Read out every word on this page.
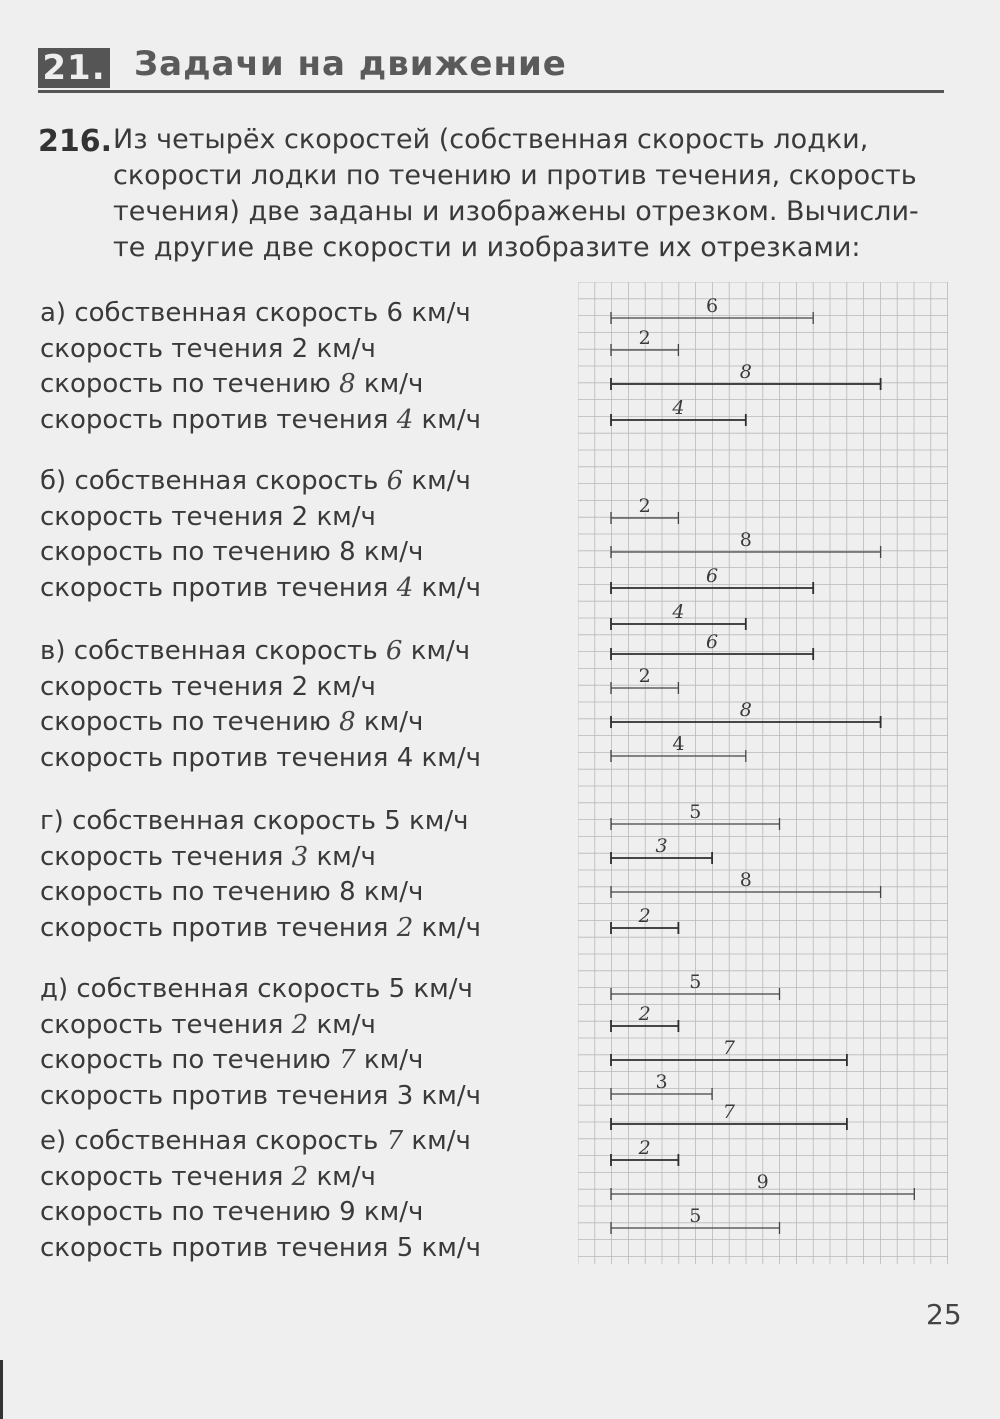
21. Задачи на движение
216. Из четырёх скоростей (собственная скорость лодки,
скорости лодки по течению и против течения, скорость
течения) две заданы и изображены отрезком. Вычисли-
те другие две скорости и изобразите их отрезками:
а) собственная скорость 6 км/ч
скорость течения 2 км/ч
скорость по течению 8 км/ч
скорость против течения 4 км/ч
б) собственная скорость 6 км/ч
скорость течения 2 км/ч
скорость по течению 8 км/ч
скорость против течения 4 км/ч
в) собственная скорость 6 км/ч
скорость течения 2 км/ч
скорость по течению 8 км/ч
скорость против течения 4 км/ч
г) собственная скорость 5 км/ч
скорость течения 3 км/ч
скорость по течению 8 км/ч
скорость против течения 2 км/ч
д) собственная скорость 5 км/ч
скорость течения 2 км/ч
скорость по течению 7 км/ч
скорость против течения 3 км/ч
е) собственная скорость 7 км/ч
скорость течения 2 км/ч
скорость по течению 9 км/ч
скорость против течения 5 км/ч
6
2
8
4
2
8
6
4
6
2
8
4
5
3
8
2
5
2
7
3
7
2
9
5
25
